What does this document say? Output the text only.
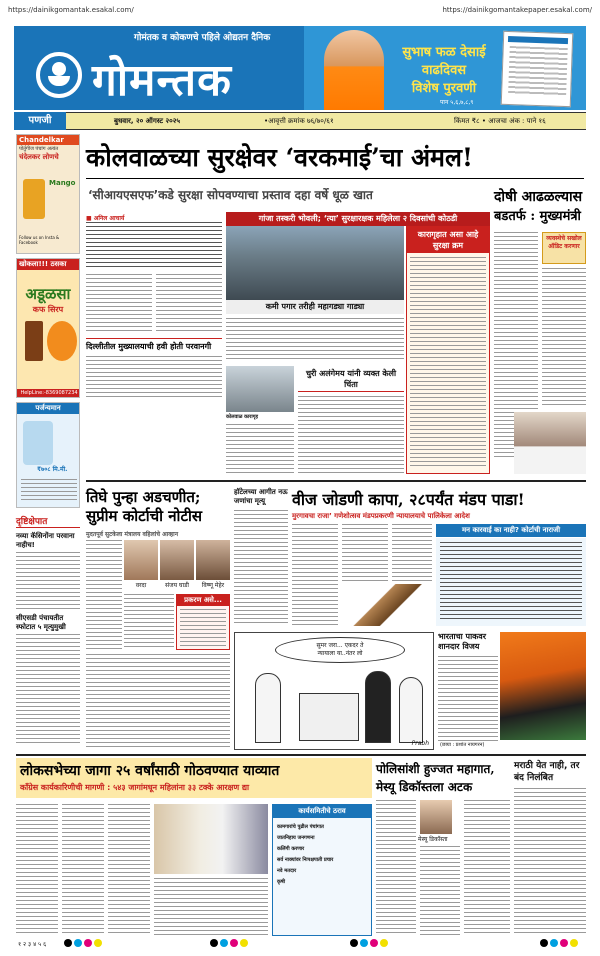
https://dainikgomantak.esakal.com/	https://dainikgomantakepaper.esakal.com/
गोमंतक व कोकणचे पहिले ओद्यतन दैनिक
गोमन्तक
सुभाष फळ देसाई
वाढदिवस
विशेष पुरवणी
पान ५,६,७,८,९
पणजी	बुधवार, २० ऑगस्ट २०२५	•आवृत्ती क्रमांक ७६/७०/६१	किंमत ₹८ • आजचा अंक : पाने १६
Chandelkar
पोर्तुगीज पंचांग अत्यंत
चंदेलकर लोणचे
Mango
Follow us on Insta & Facebook
खोकला!!! ठसका
अडूळसा
कफ सिरप
HelpLine:-8369087234
पर्जन्यमान
₹७०८ मि.मी.
कोलवाळच्या सुरक्षेवर ‘वरकमाई’चा अंमल!
‘सीआयएसएफ’कडे सुरक्षा सोपवण्याचा प्रस्ताव दहा वर्षे धूळ खात
■ अनिल आचार्य
दिल्लीतील मुख्यालयाची हवी होती परवानगी
गांजा तस्करी भोवली; ‘त्या’ सुरक्षारक्षक महिलेला २ दिवसांची कोठडी
कमी पगार तरीही महागड्या गाड्या
कोलवाळ कारागृह
चुरी अलंगेमय यांनी व्यक्त केली चिंता
कारागृहात असा आहे सुरक्षा क्रम
दोषी आढळल्यास
बडतर्फ : मुख्यमंत्री
व्यवस्थेचे सखोल ऑडिट करणार
दृष्टिक्षेपात
नव्या कॅसिनोंना परवाना नाहीच!
सीएसडी पंचायतीत स्फोटात ५ मृत्युमुखी
तिघे पुन्हा अडचणीत;
सुप्रीम कोर्टाची नोटीस
मुदतपूर्व सुटकेला मंत्रालय वहिलांचे आव्हान
वरदा	संजय घाडी	विष्णू मेहेर
प्रकरण असे...
हॉटेलच्या आगीत नऊ जणांचा मृत्यू	वीज जोडणी कापा, २८पर्यंत मंडप पाडा!
मुरगावचा राजा’ गणेशोत्सव मंडपप्रकरणी न्यायालयाचे पालिकेला आदेश
मन कारवाई का नाही? कोर्टाची नाराजी
सुमर जरा... एकदर ते
न्यायाला या..नंतर लो
Prabh
भारताचा पाकवर शानदार विजय
(छाया : प्रशांत नायगरन)
लोकसभेच्या जागा २५ वर्षांसाठी गोठवण्यात याव्यात
काँग्रेस कार्यकारिणीची मागणी : ५४३ जागांमधून महिलांना ३३ टक्के आरक्षण द्या
कार्यसमितीचे ठराव
कामगारांचे पुढील पंचांगात
जातनिहाय जनगणना
कलिंगी करणार
सर्व नाक्यांवर निःपक्षपाती प्रचार
नवे मतदार
कृषी
पोलिसांशी हुज्जत महागात,
मेस्यू डिकॉस्तला अटक
मेस्यू डिकॉस्ता
मराठी येत नाही, तर बंद निलंबित
१ २ ३ ४ ५ ६
